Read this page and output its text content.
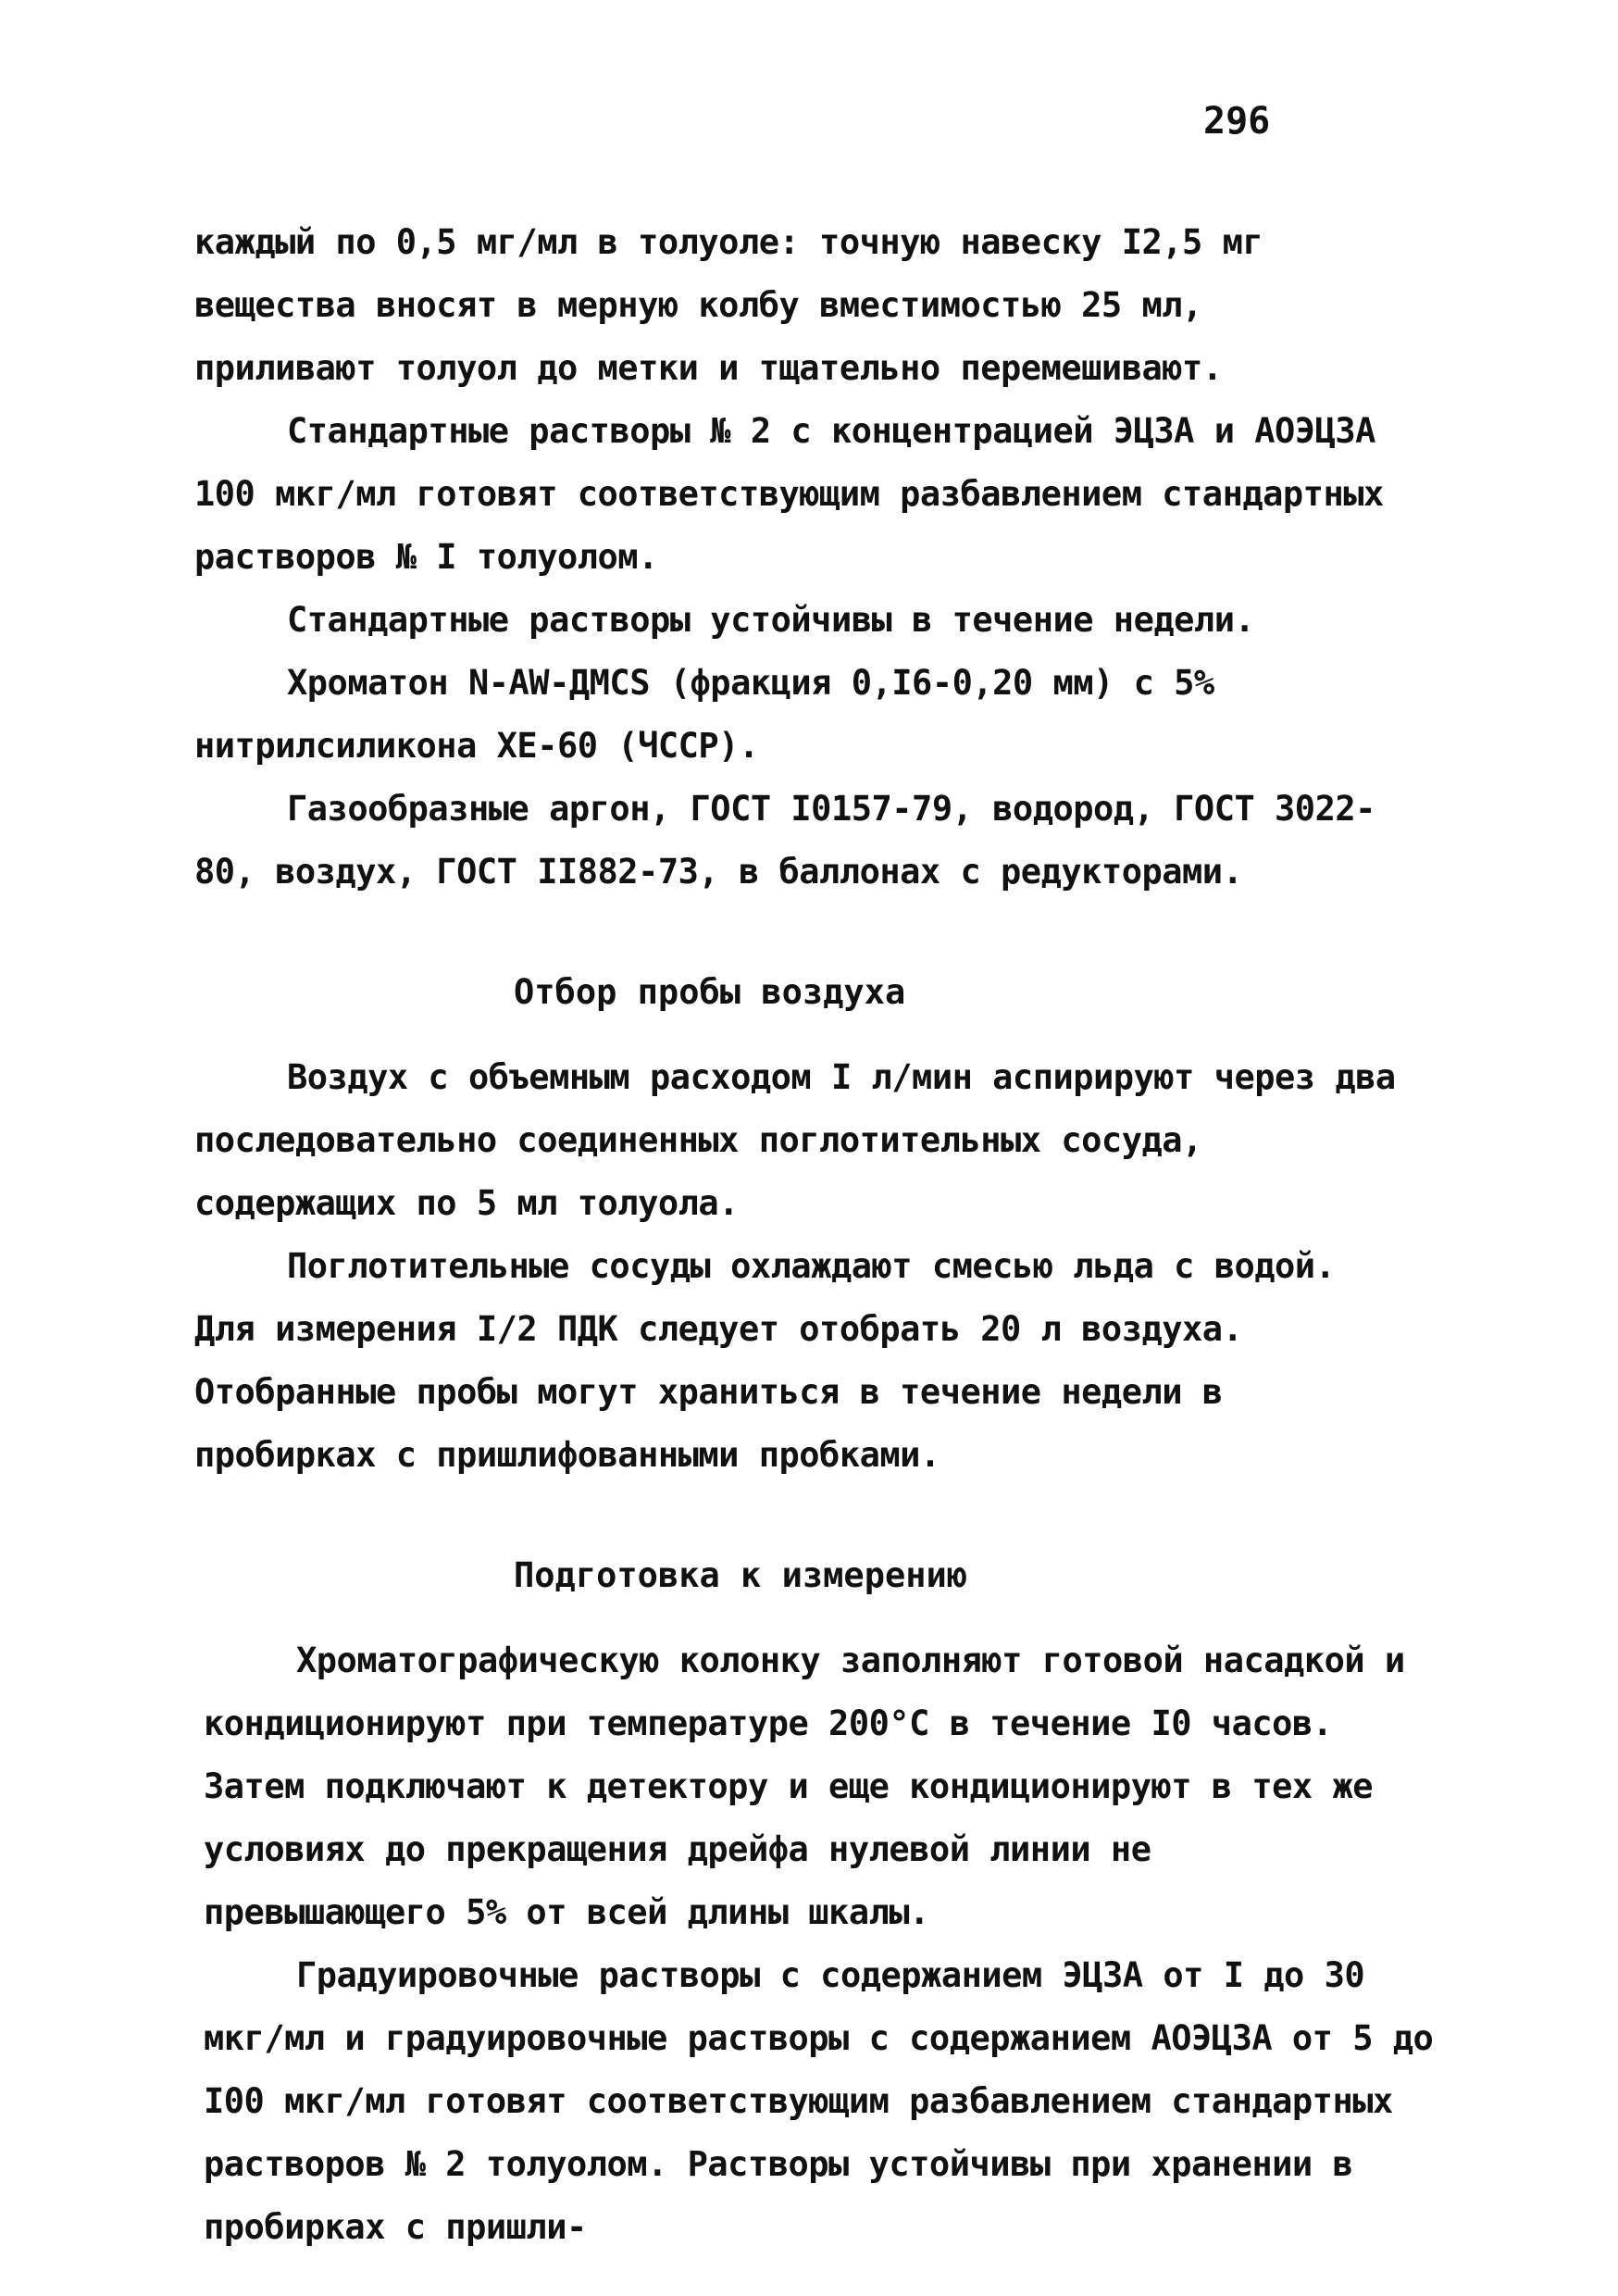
296

каждый по 0,5 мг/мл в толуоле: точную навеску I2,5 мг вещества вносят в мерную колбу вместимостью 25 мл, приливают толуол до метки и тщательно перемешивают.

Стандартные растворы № 2 с концентрацией ЭЦЗА и АОЭЦЗА 100 мкг/мл готовят соответствующим разбавлением стандартных растворов № I толуолом.

Стандартные растворы устойчивы в течение недели.

Хроматон N-AW-ДМСS (фракция 0,I6-0,20 мм) с 5% нитрилсиликона XE-60 (ЧССР).

Газообразные аргон, ГОСТ I0157-79, водород, ГОСТ 3022-80, воздух, ГОСТ II882-73, в баллонах с редукторами.

Отбор пробы воздуха

Воздух с объемным расходом I л/мин аспирируют через два последовательно соединенных поглотительных сосуда, содержащих по 5 мл толуола.

Поглотительные сосуды охлаждают смесью льда с водой. Для измерения I/2 ПДК следует отобрать 20 л воздуха. Отобранные пробы могут храниться в течение недели в пробирках с пришлифованными пробками.

Подготовка к измерению

Хроматографическую колонку заполняют готовой насадкой и кондиционируют при температуре 200°С в течение I0 часов. Затем подключают к детектору и еще кондиционируют в тех же условиях до прекращения дрейфа нулевой линии не превышающего 5% от всей длины шкалы.

Градуировочные растворы с содержанием ЭЦЗА от I до 30 мкг/мл и градуировочные растворы с содержанием АОЭЦЗА от 5 до I00 мкг/мл готовят соответствующим разбавлением стандартных растворов № 2 толуолом. Растворы устойчивы при хранении в пробирках с пришли-
